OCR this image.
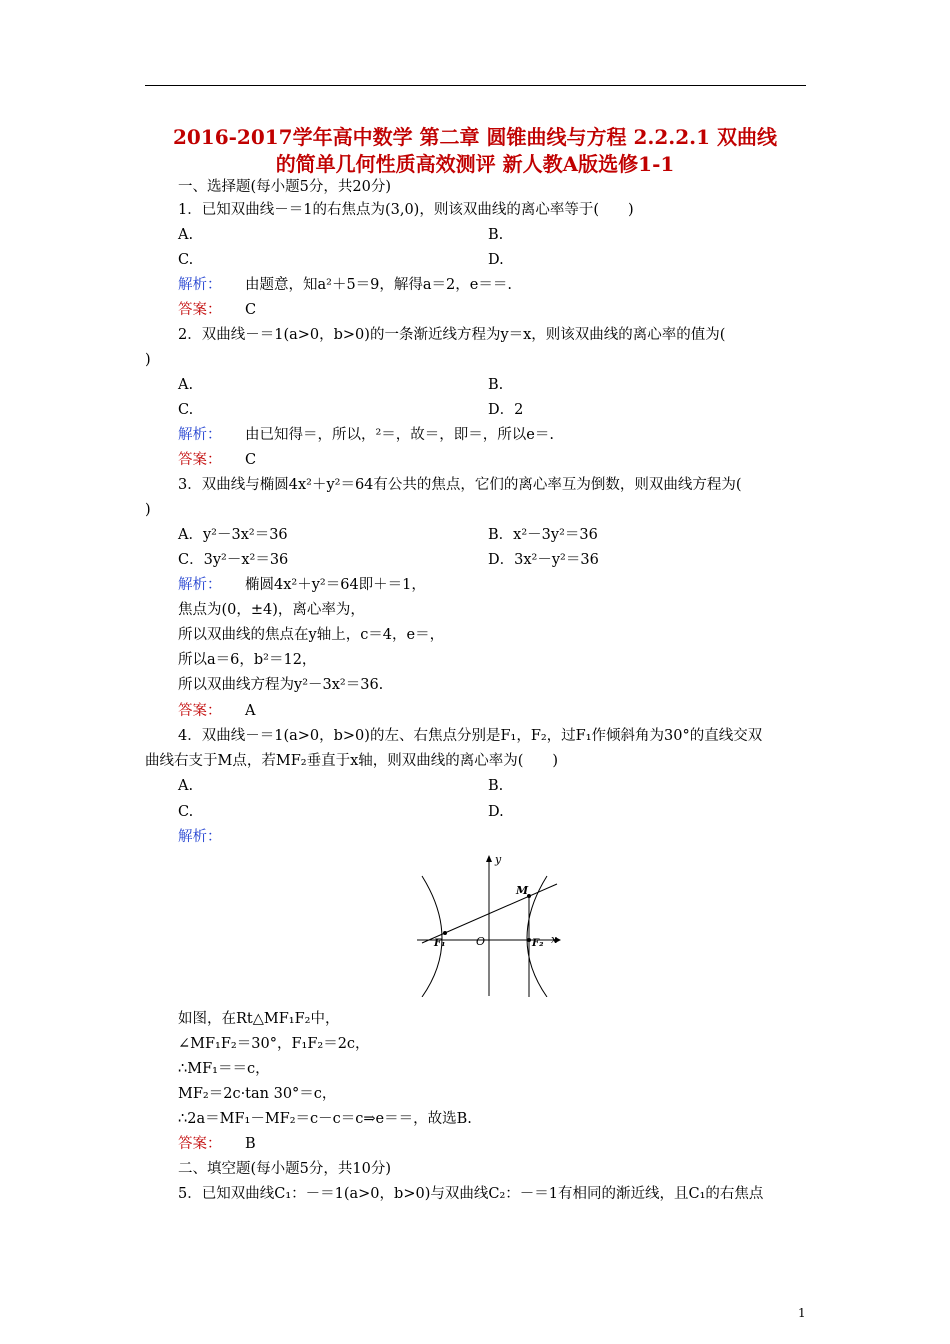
2016-2017学年高中数学 第二章 圆锥曲线与方程 2.2.2.1 双曲线
的简单几何性质高效测评 新人教A版选修1-1
一、选择题(每小题5分，共20分)
1．已知双曲线－＝1的右焦点为(3,0)，则该双曲线的离心率等于(　　)
A.	B.
C.	D.
解析： 由题意，知a²＋5＝9，解得a＝2，e＝＝.
答案： C
2．双曲线－＝1(a>0，b>0)的一条渐近线方程为y＝x，则该双曲线的离心率的值为(
)
A.	B.
C.	D．2
解析： 由已知得＝，所以，²＝，故＝，即＝，所以e＝.
答案： C
3．双曲线与椭圆4x²＋y²＝64有公共的焦点，它们的离心率互为倒数，则双曲线方程为(
)
A．y²－3x²＝36	B．x²－3y²＝36
C．3y²－x²＝36	D．3x²－y²＝36
解析： 椭圆4x²＋y²＝64即＋＝1，
焦点为(0，±4)，离心率为，
所以双曲线的焦点在y轴上，c＝4，e＝，
所以a＝6，b²＝12，
所以双曲线方程为y²－3x²＝36.
答案： A
4．双曲线－＝1(a>0，b>0)的左、右焦点分别是F₁，F₂，过F₁作倾斜角为30°的直线交双
曲线右支于M点，若MF₂垂直于x轴，则双曲线的离心率为(　　)
A.	B.
C.	D.
解析：
y
x
O
M
F₁	F₂
如图，在Rt△MF₁F₂中，
∠MF₁F₂＝30°，F₁F₂＝2c，
∴MF₁＝＝c，
MF₂＝2c·tan 30°＝c，
∴2a＝MF₁－MF₂＝c－c＝c⇒e＝＝，故选B.
答案： B
二、填空题(每小题5分，共10分)
5．已知双曲线C₁：－＝1(a>0，b>0)与双曲线C₂：－＝1有相同的渐近线，且C₁的右焦点
1
